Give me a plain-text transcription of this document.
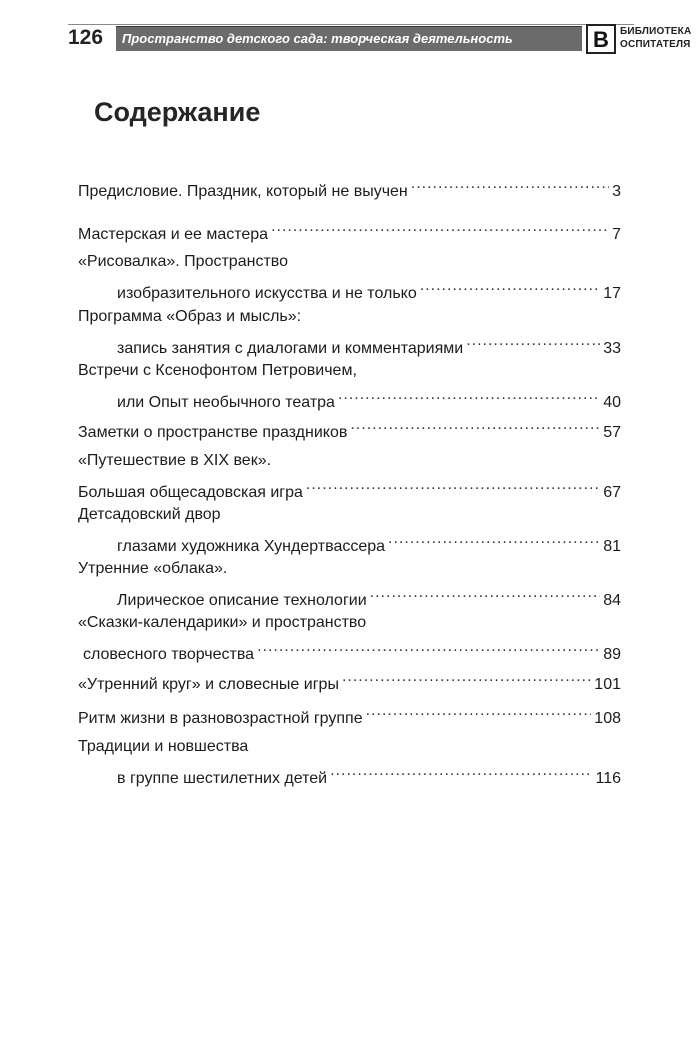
126 Пространство детского сада: творческая деятельность	В БИБЛИОТЕКА
ОСПИТАТЕЛЯ
Содержание
Предисловие. Праздник, который не выучен .....	3
Мастерская и ее мастера .....	7
«Рисовалка». Пространство
изобразительного искусства и не только .....	17
Программа «Образ и мысль»:
запись занятия с диалогами и комментариями .....	33
Встречи с Ксенофонтом Петровичем,
или Опыт необычного театра .....	40
Заметки о пространстве праздников .....	57
«Путешествие в XIX век».
Большая общесадовская игра .....	67
Детсадовский двор
глазами художника Хундертвассера .....	81
Утренние «облака».
Лирическое описание технологии .....	84
«Сказки-календарики» и пространство
словесного творчества .....	89
«Утренний круг» и словесные игры .....	101
Ритм жизни в разновозрастной группе .....	108
Традиции и новшества
в группе шестилетних детей .....	116
